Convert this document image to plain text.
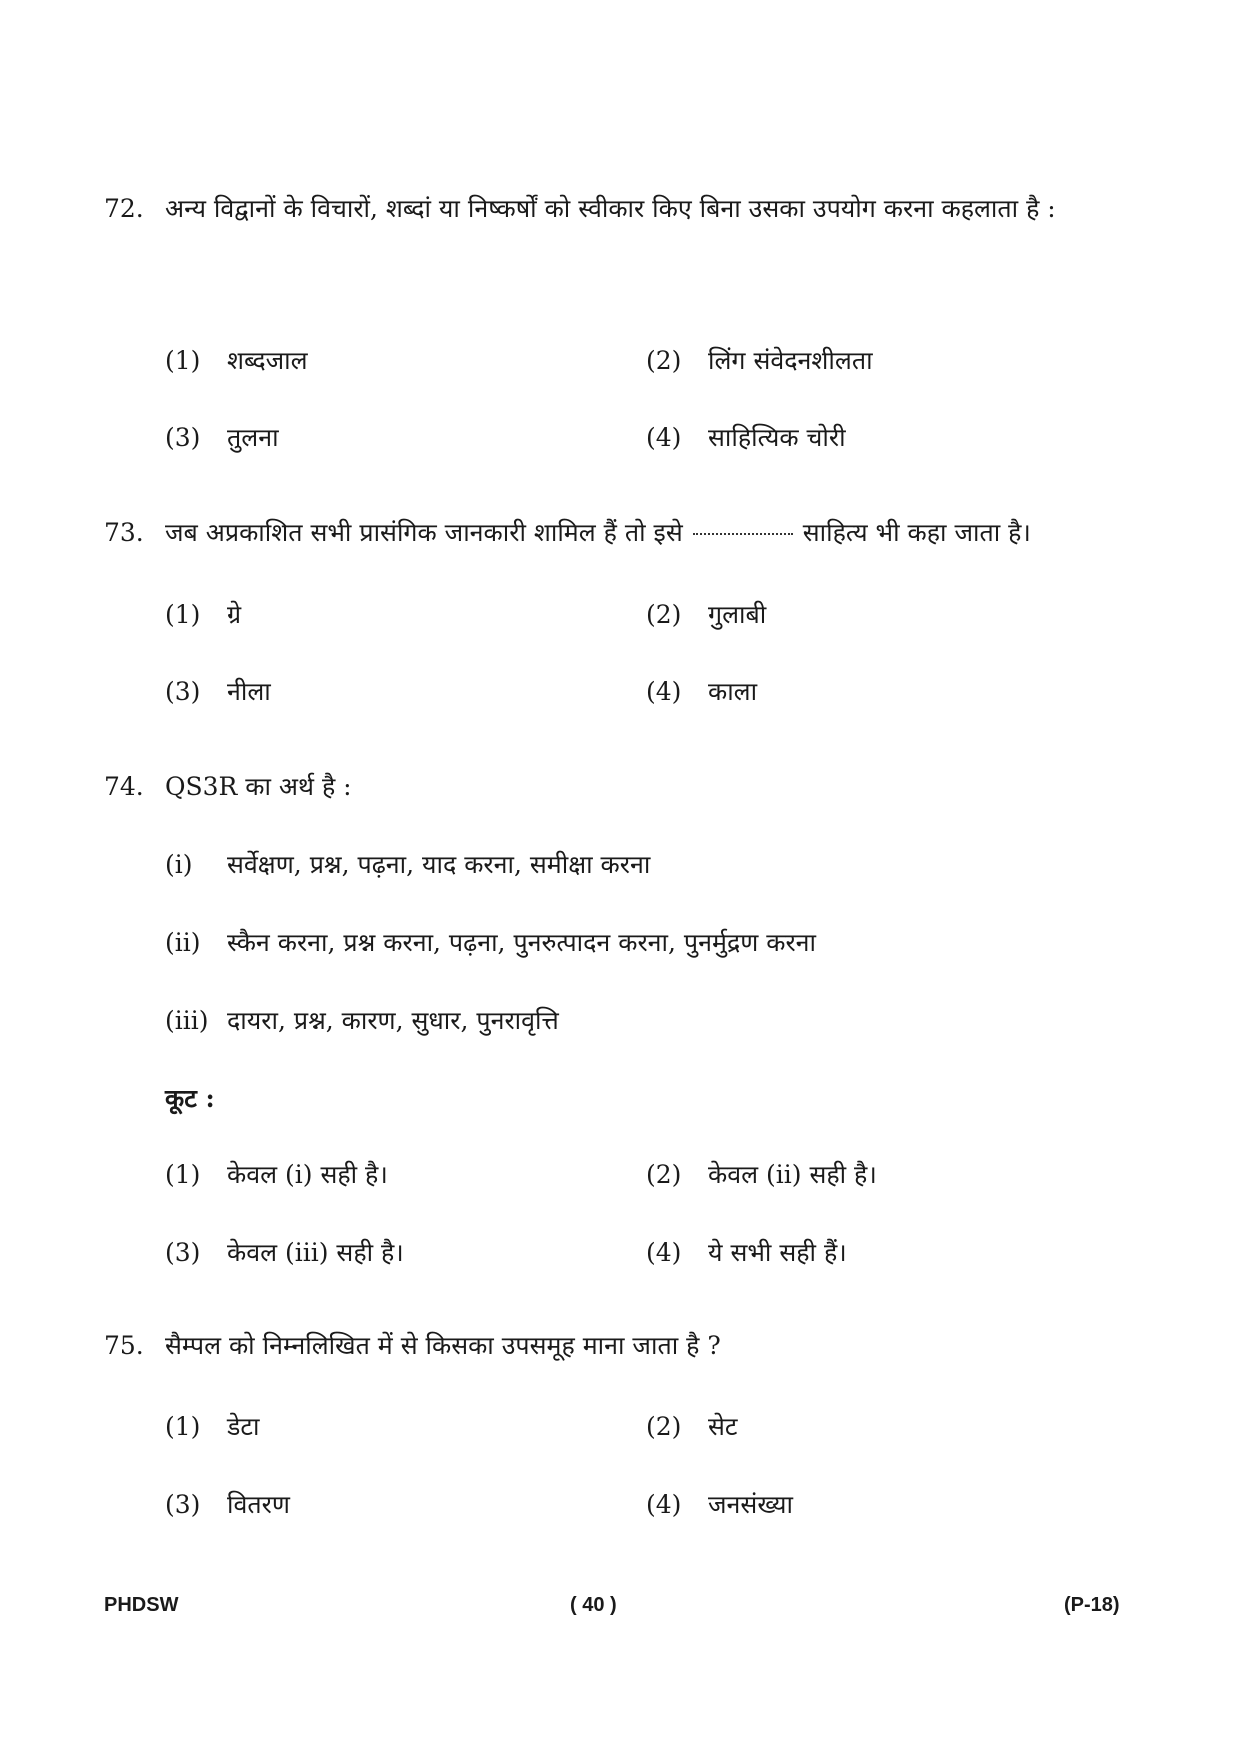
72. अन्य विद्वानों के विचारों, शब्दां या निष्कर्षों को स्वीकार किए बिना उसका उपयोग करना कहलाता है :
(1) शब्दजाल	(2) लिंग संवेदनशीलता
(3) तुलना	(4) साहित्यिक चोरी
73. जब अप्रकाशित सभी प्रासंगिक जानकारी शामिल हैं तो इसे	साहित्य भी कहा जाता है।
(1) ग्रे	(2) गुलाबी
(3) नीला	(4) काला
74. QS3R का अर्थ है :
(i) सर्वेक्षण, प्रश्न, पढ़ना, याद करना, समीक्षा करना
(ii) स्कैन करना, प्रश्न करना, पढ़ना, पुनरुत्पादन करना, पुनर्मुद्रण करना
(iii) दायरा, प्रश्न, कारण, सुधार, पुनरावृत्ति
कूट :
(1) केवल (i) सही है।	(2) केवल (ii) सही है।
(3) केवल (iii) सही है।	(4) ये सभी सही हैं।
75. सैम्पल को निम्नलिखित में से किसका उपसमूह माना जाता है ?
(1) डेटा	(2) सेट
(3) वितरण	(4) जनसंख्या
PHDSW	( 40 )	(P-18)
